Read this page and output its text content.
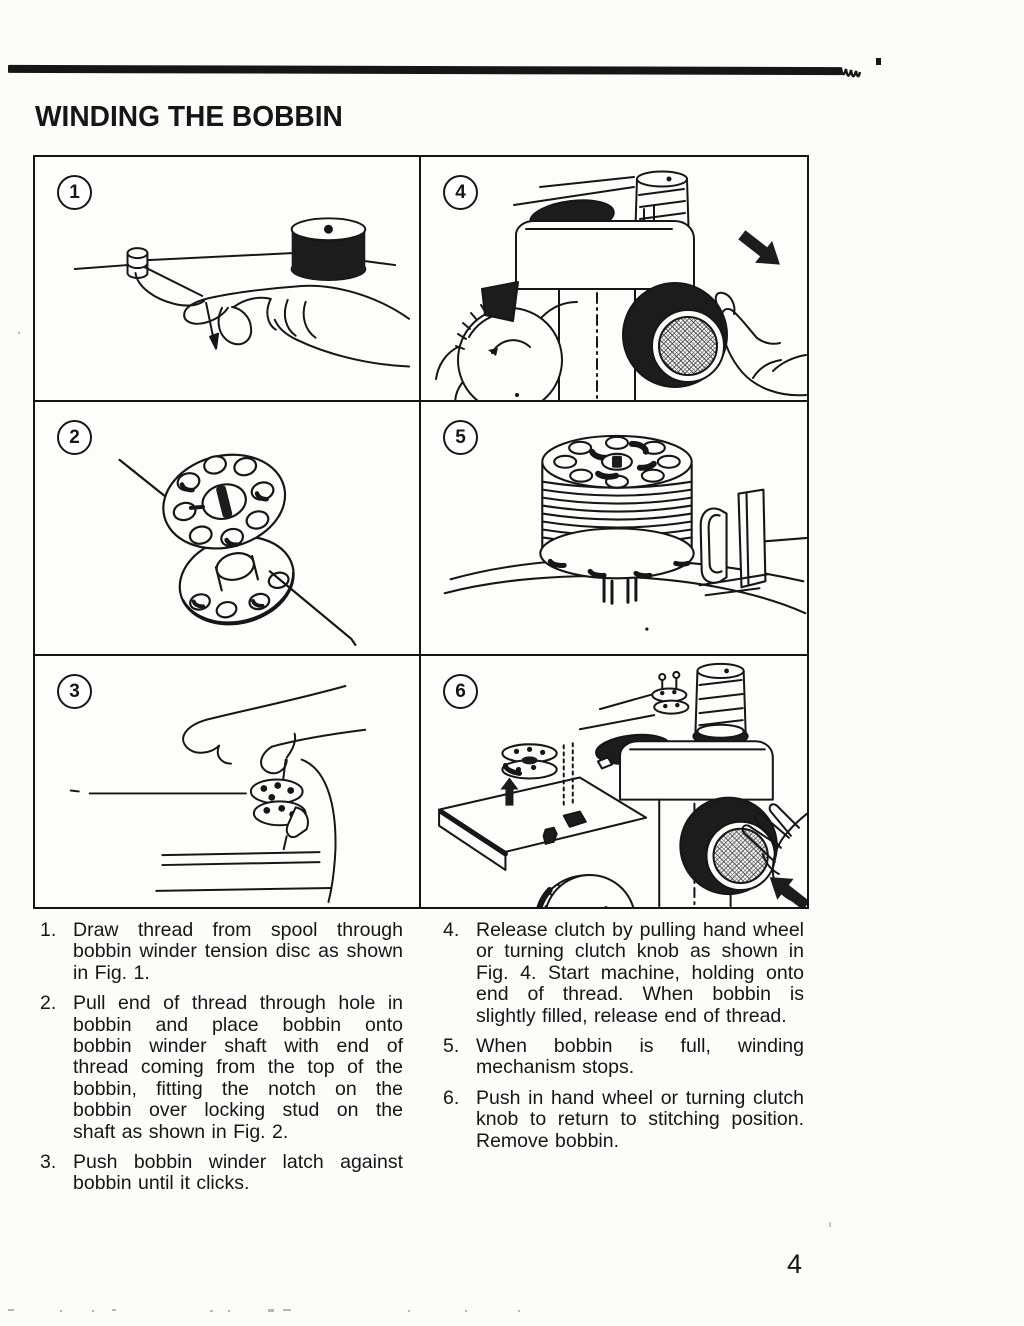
WINDING THE BOBBIN
1	4
2	5
3	6
1. Draw thread from spool through
bobbin winder tension disc as shown
in Fig. 1.
2. Pull end of thread through hole in
bobbin and place bobbin onto
bobbin winder shaft with end of
thread coming from the top of the
bobbin, fitting the notch on the
bobbin over locking stud on the
shaft as shown in Fig. 2.
3. Push bobbin winder latch against
bobbin until it clicks.
4. Release clutch by pulling hand wheel
or turning clutch knob as shown in
Fig. 4. Start machine, holding onto
end of thread. When bobbin is
slightly filled, release end of thread.
5. When bobbin is full, winding
mechanism stops.
6. Push in hand wheel or turning clutch
knob to return to stitching position.
Remove bobbin.
4
